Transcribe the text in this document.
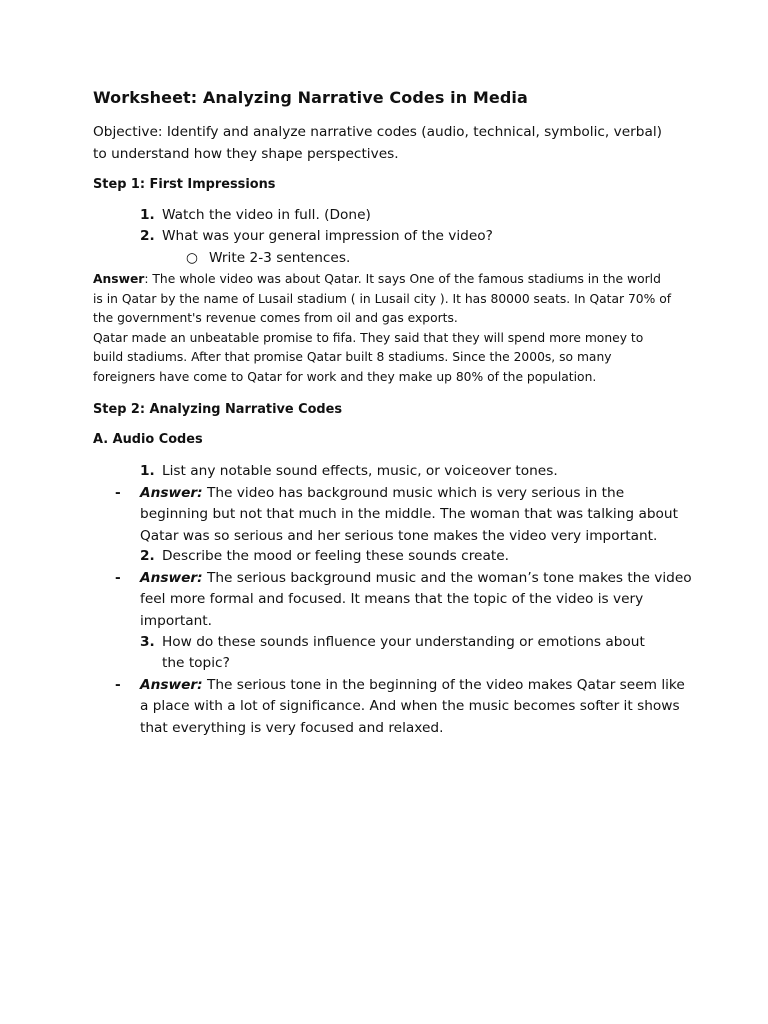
Worksheet: Analyzing Narrative Codes in Media
Objective: Identify and analyze narrative codes (audio, technical, symbolic, verbal) to understand how they shape perspectives.
Step 1: First Impressions
1. Watch the video in full. (Done)
2. What was your general impression of the video?
○ Write 2-3 sentences.
Answer: The whole video was about Qatar. It says One of the famous stadiums in the world is in Qatar by the name of Lusail stadium ( in Lusail city ). It has 80000 seats. In Qatar 70% of the government's revenue comes from oil and gas exports.
Qatar made an unbeatable promise to fifa. They said that they will spend more money to build stadiums. After that promise Qatar built 8 stadiums. Since the 2000s, so many foreigners have come to Qatar for work and they make up 80% of the population.
Step 2: Analyzing Narrative Codes
A. Audio Codes
1. List any notable sound effects, music, or voiceover tones.
- Answer: The video has background music which is very serious in the beginning but not that much in the middle. The woman that was talking about Qatar was so serious and her serious tone makes the video very important.
2. Describe the mood or feeling these sounds create.
- Answer: The serious background music and the woman’s tone makes the video feel more formal and focused. It means that the topic of the video is very important.
3. How do these sounds influence your understanding or emotions about the topic?
- Answer: The serious tone in the beginning of the video makes Qatar seem like a place with a lot of significance. And when the music becomes softer it shows that everything is very focused and relaxed.
